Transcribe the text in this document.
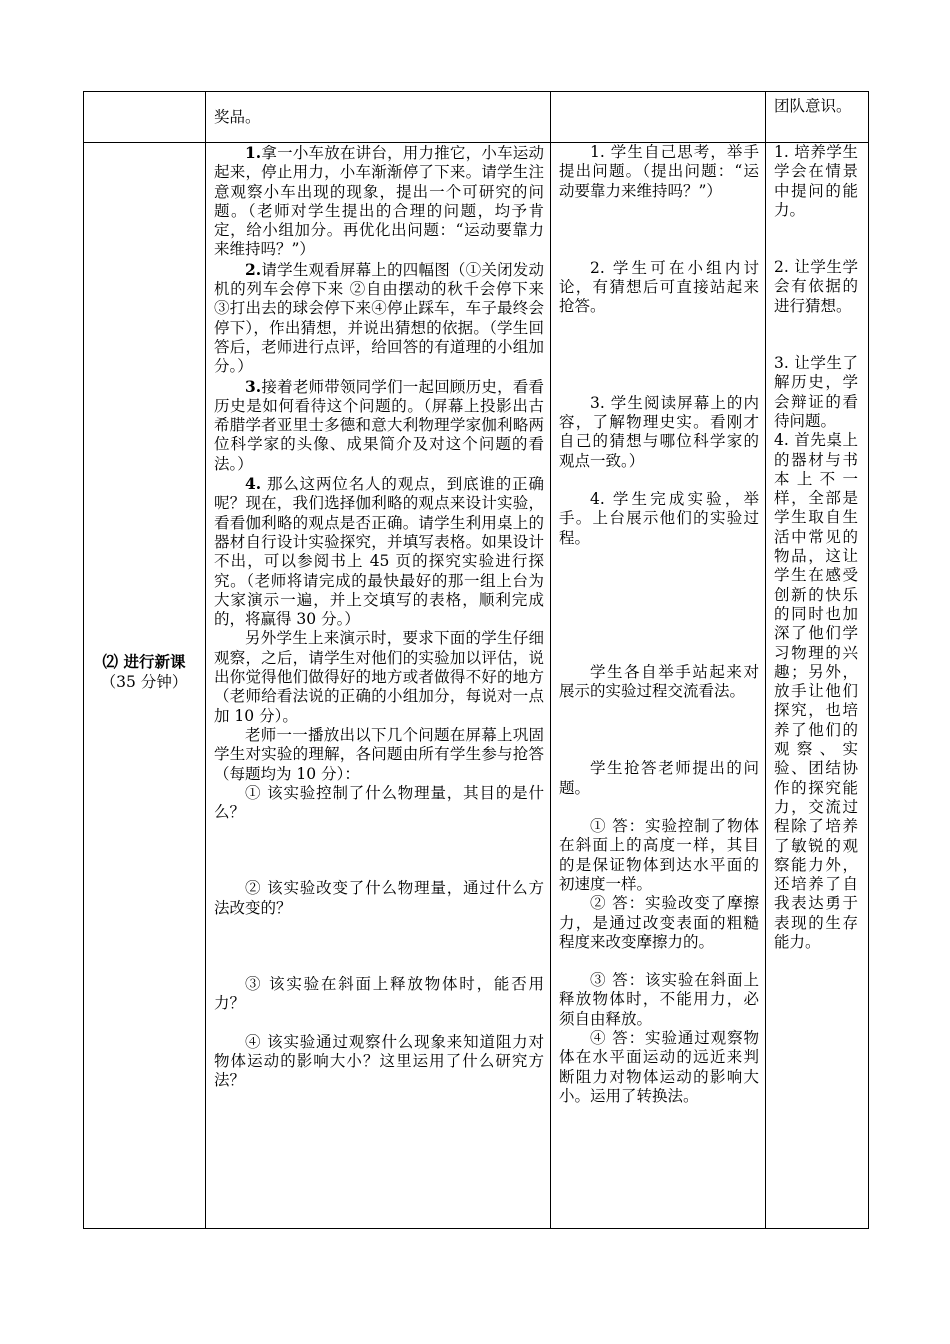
奖品。

团队意识。

⑵ 进行新课
（35 分钟）

1.拿一小车放在讲台，用力推它，小车运动起来，停止用力，小车渐渐停了下来。请学生注意观察小车出现的现象，提出一个可研究的问题。（老师对学生提出的合理的问题，均予肯定，给小组加分。再优化出问题：“运动要靠力来维持吗？”）

2.请学生观看屏幕上的四幅图（①关闭发动机的列车会停下来 ②自由摆动的秋千会停下来③打出去的球会停下来④停止踩车，车子最终会停下），作出猜想，并说出猜想的依据。（学生回答后，老师进行点评，给回答的有道理的小组加分。）

3.接着老师带领同学们一起回顾历史，看看历史是如何看待这个问题的。（屏幕上投影出古希腊学者亚里士多德和意大利物理学家伽利略两位科学家的头像、成果简介及对这个问题的看法。）

4. 那么这两位名人的观点，到底谁的正确呢？现在，我们选择伽利略的观点来设计实验，看看伽利略的观点是否正确。请学生利用桌上的器材自行设计实验探究，并填写表格。如果设计不出，可以参阅书上 45 页的探究实验进行探究。（老师将请完成的最快最好的那一组上台为大家演示一遍，并上交填写的表格，顺利完成的，将赢得 30 分。）

另外学生上来演示时，要求下面的学生仔细观察，之后，请学生对他们的实验加以评估，说出你觉得他们做得好的地方或者做得不好的地方（老师给看法说的正确的小组加分，每说对一点加 10 分）。

老师一一播放出以下几个问题在屏幕上巩固学生对实验的理解，各问题由所有学生参与抢答（每题均为 10 分）：

① 该实验控制了什么物理量，其目的是什么？

② 该实验改变了什么物理量，通过什么方法改变的？

③ 该实验在斜面上释放物体时，能否用力？

④ 该实验通过观察什么现象来知道阻力对物体运动的影响大小？这里运用了什么研究方法？

1. 学生自己思考，举手提出问题。（提出问题：“运动要靠力来维持吗？”）

2. 学生可在小组内讨论，有猜想后可直接站起来抢答。

3. 学生阅读屏幕上的内容，了解物理史实。看刚才自己的猜想与哪位科学家的观点一致。）

4. 学生完成实验，举手。上台展示他们的实验过程。

学生各自举手站起来对展示的实验过程交流看法。

学生抢答老师提出的问题。

① 答：实验控制了物体在斜面上的高度一样，其目的是保证物体到达水平面的初速度一样。

② 答：实验改变了摩擦力，是通过改变表面的粗糙程度来改变摩擦力的。

③ 答：该实验在斜面上释放物体时，不能用力，必须自由释放。

④ 答：实验通过观察物体在水平面运动的远近来判断阻力对物体运动的影响大小。运用了转换法。

1. 培养学生学会在情景中提问的能力。

2. 让学生学会有依据的进行猜想。

3. 让学生了解历史，学会辩证的看待问题。

4. 首先桌上的器材与书本上不一样，全部是学生取自生活中常见的物品，这让学生在感受创新的快乐的同时也加深了他们学习物理的兴趣；另外，放手让他们探究，也培养了他们的观察、实验、团结协作的探究能力，交流过程除了培养了敏锐的观察能力外，还培养了自我表达勇于表现的生存能力。
